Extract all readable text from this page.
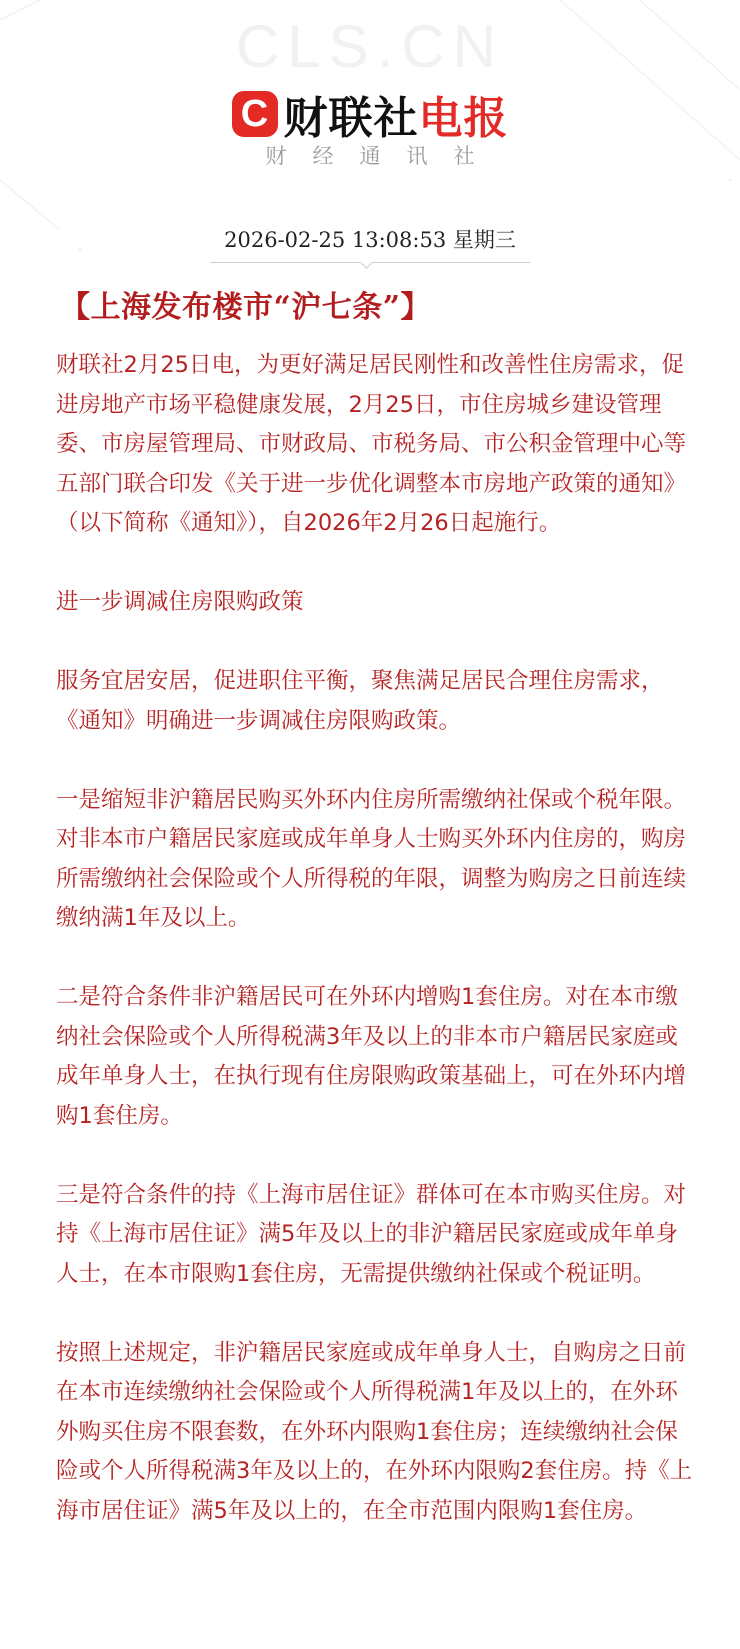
CLS.CN
C 财联社电报
财经通讯社
2026-02-25 13:08:53 星期三
【上海发布楼市“沪七条”】

财联社2月25日电，为更好满足居民刚性和改善性住房需求，促进房地产市场平稳健康发展，2月25日，市住房城乡建设管理委、市房屋管理局、市财政局、市税务局、市公积金管理中心等五部门联合印发《关于进一步优化调整本市房地产政策的通知》（以下简称《通知》），自2026年2月26日起施行。

进一步调减住房限购政策

服务宜居安居，促进职住平衡，聚焦满足居民合理住房需求，《通知》明确进一步调减住房限购政策。

一是缩短非沪籍居民购买外环内住房所需缴纳社保或个税年限。对非本市户籍居民家庭或成年单身人士购买外环内住房的，购房所需缴纳社会保险或个人所得税的年限，调整为购房之日前连续缴纳满1年及以上。

二是符合条件非沪籍居民可在外环内增购1套住房。对在本市缴纳社会保险或个人所得税满3年及以上的非本市户籍居民家庭或成年单身人士，在执行现有住房限购政策基础上，可在外环内增购1套住房。

三是符合条件的持《上海市居住证》群体可在本市购买住房。对持《上海市居住证》满5年及以上的非沪籍居民家庭或成年单身人士，在本市限购1套住房，无需提供缴纳社保或个税证明。

按照上述规定，非沪籍居民家庭或成年单身人士，自购房之日前在本市连续缴纳社会保险或个人所得税满1年及以上的，在外环外购买住房不限套数，在外环内限购1套住房；连续缴纳社会保险或个人所得税满3年及以上的，在外环内限购2套住房。持《上海市居住证》满5年及以上的，在全市范围内限购1套住房。
